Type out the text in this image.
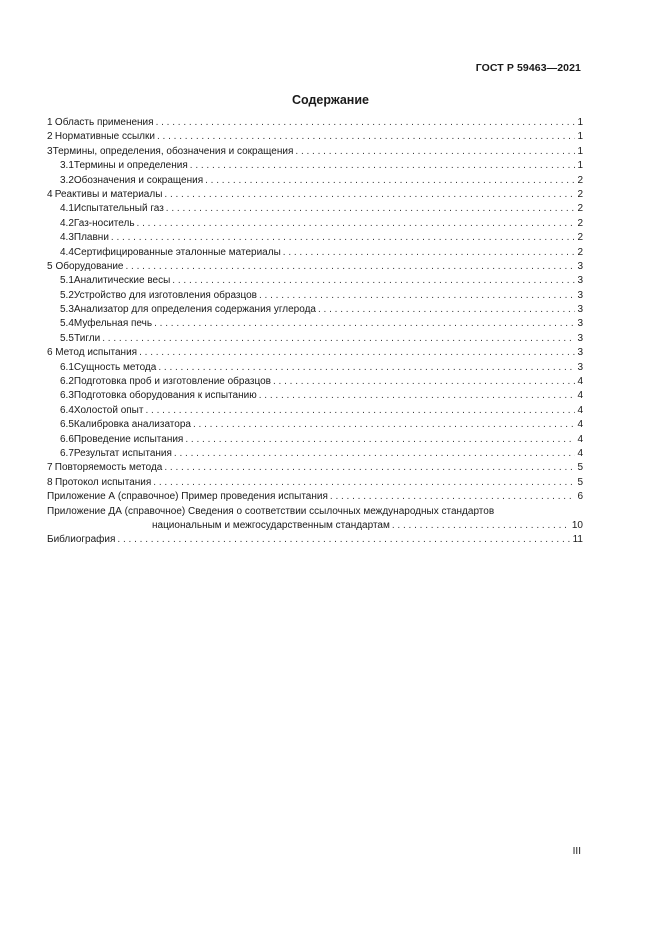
ГОСТ Р 59463—2021
Содержание
1 Область применения . . .	1
2 Нормативные ссылки . . .	1
3 Термины, определения, обозначения и сокращения . . .	1
3.1 Термины и определения . . .	1
3.2 Обозначения и сокращения . . .	2
4 Реактивы и материалы . . .	2
4.1 Испытательный газ . . .	2
4.2 Газ-носитель . . .	2
4.3 Плавни . . .	2
4.4 Сертифицированные эталонные материалы . . .	2
5 Оборудование . . .	3
5.1 Аналитические весы . . .	3
5.2 Устройство для изготовления образцов . . .	3
5.3 Анализатор для определения содержания углерода . . .	3
5.4 Муфельная печь . . .	3
5.5 Тигли . . .	3
6 Метод испытания . . .	3
6.1 Сущность метода . . .	3
6.2 Подготовка проб и изготовление образцов . . .	4
6.3 Подготовка оборудования к испытанию . . .	4
6.4 Холостой опыт . . .	4
6.5 Калибровка анализатора . . .	4
6.6 Проведение испытания . . .	4
6.7 Результат испытания . . .	4
7 Повторяемость метода . . .	5
8 Протокол испытания . . .	5
Приложение А (справочное) Пример проведения испытания . . .	6
Приложение ДА (справочное) Сведения о соответствии ссылочных международных стандартов
национальным и межгосударственным стандартам . . .	10
Библиография . . .	11
III
